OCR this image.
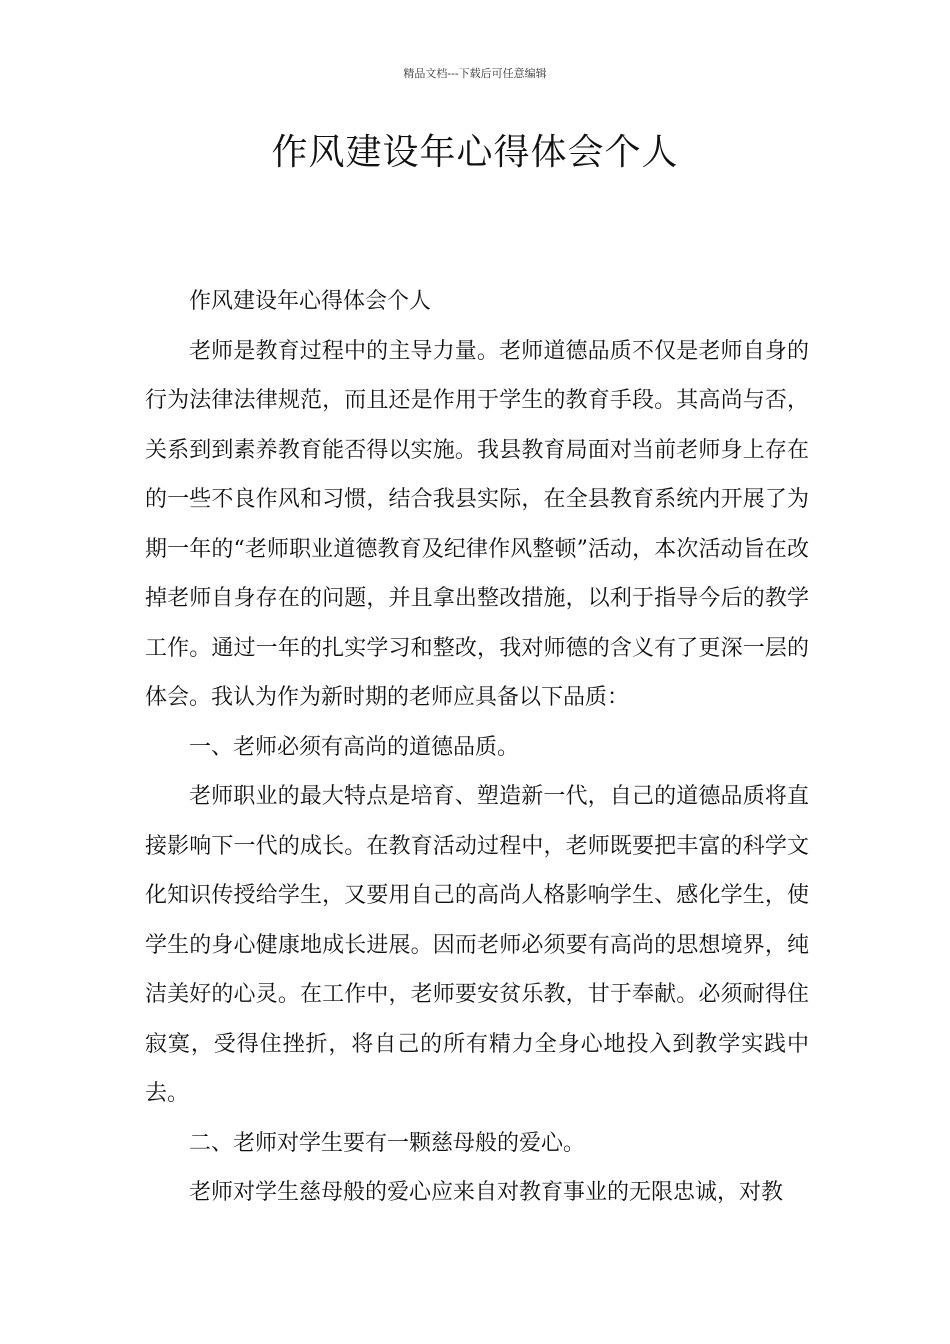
精品文档---下载后可任意编辑
作风建设年心得体会个人

作风建设年心得体会个人

老师是教育过程中的主导力量。老师道德品质不仅是老师自身的行为法律法律规范，而且还是作用于学生的教育手段。其高尚与否，关系到到素养教育能否得以实施。我县教育局面对当前老师身上存在的一些不良作风和习惯，结合我县实际，在全县教育系统内开展了为期一年的“老师职业道德教育及纪律作风整顿”活动，本次活动旨在改掉老师自身存在的问题，并且拿出整改措施，以利于指导今后的教学工作。通过一年的扎实学习和整改，我对师德的含义有了更深一层的体会。我认为作为新时期的老师应具备以下品质：

一、老师必须有高尚的道德品质。

老师职业的最大特点是培育、塑造新一代，自己的道德品质将直接影响下一代的成长。在教育活动过程中，老师既要把丰富的科学文化知识传授给学生，又要用自己的高尚人格影响学生、感化学生，使学生的身心健康地成长进展。因而老师必须要有高尚的思想境界，纯洁美好的心灵。在工作中，老师要安贫乐教，甘于奉献。必须耐得住寂寞，受得住挫折，将自己的所有精力全身心地投入到教学实践中去。

二、老师对学生要有一颗慈母般的爱心。

老师对学生慈母般的爱心应来自对教育事业的无限忠诚，对教
